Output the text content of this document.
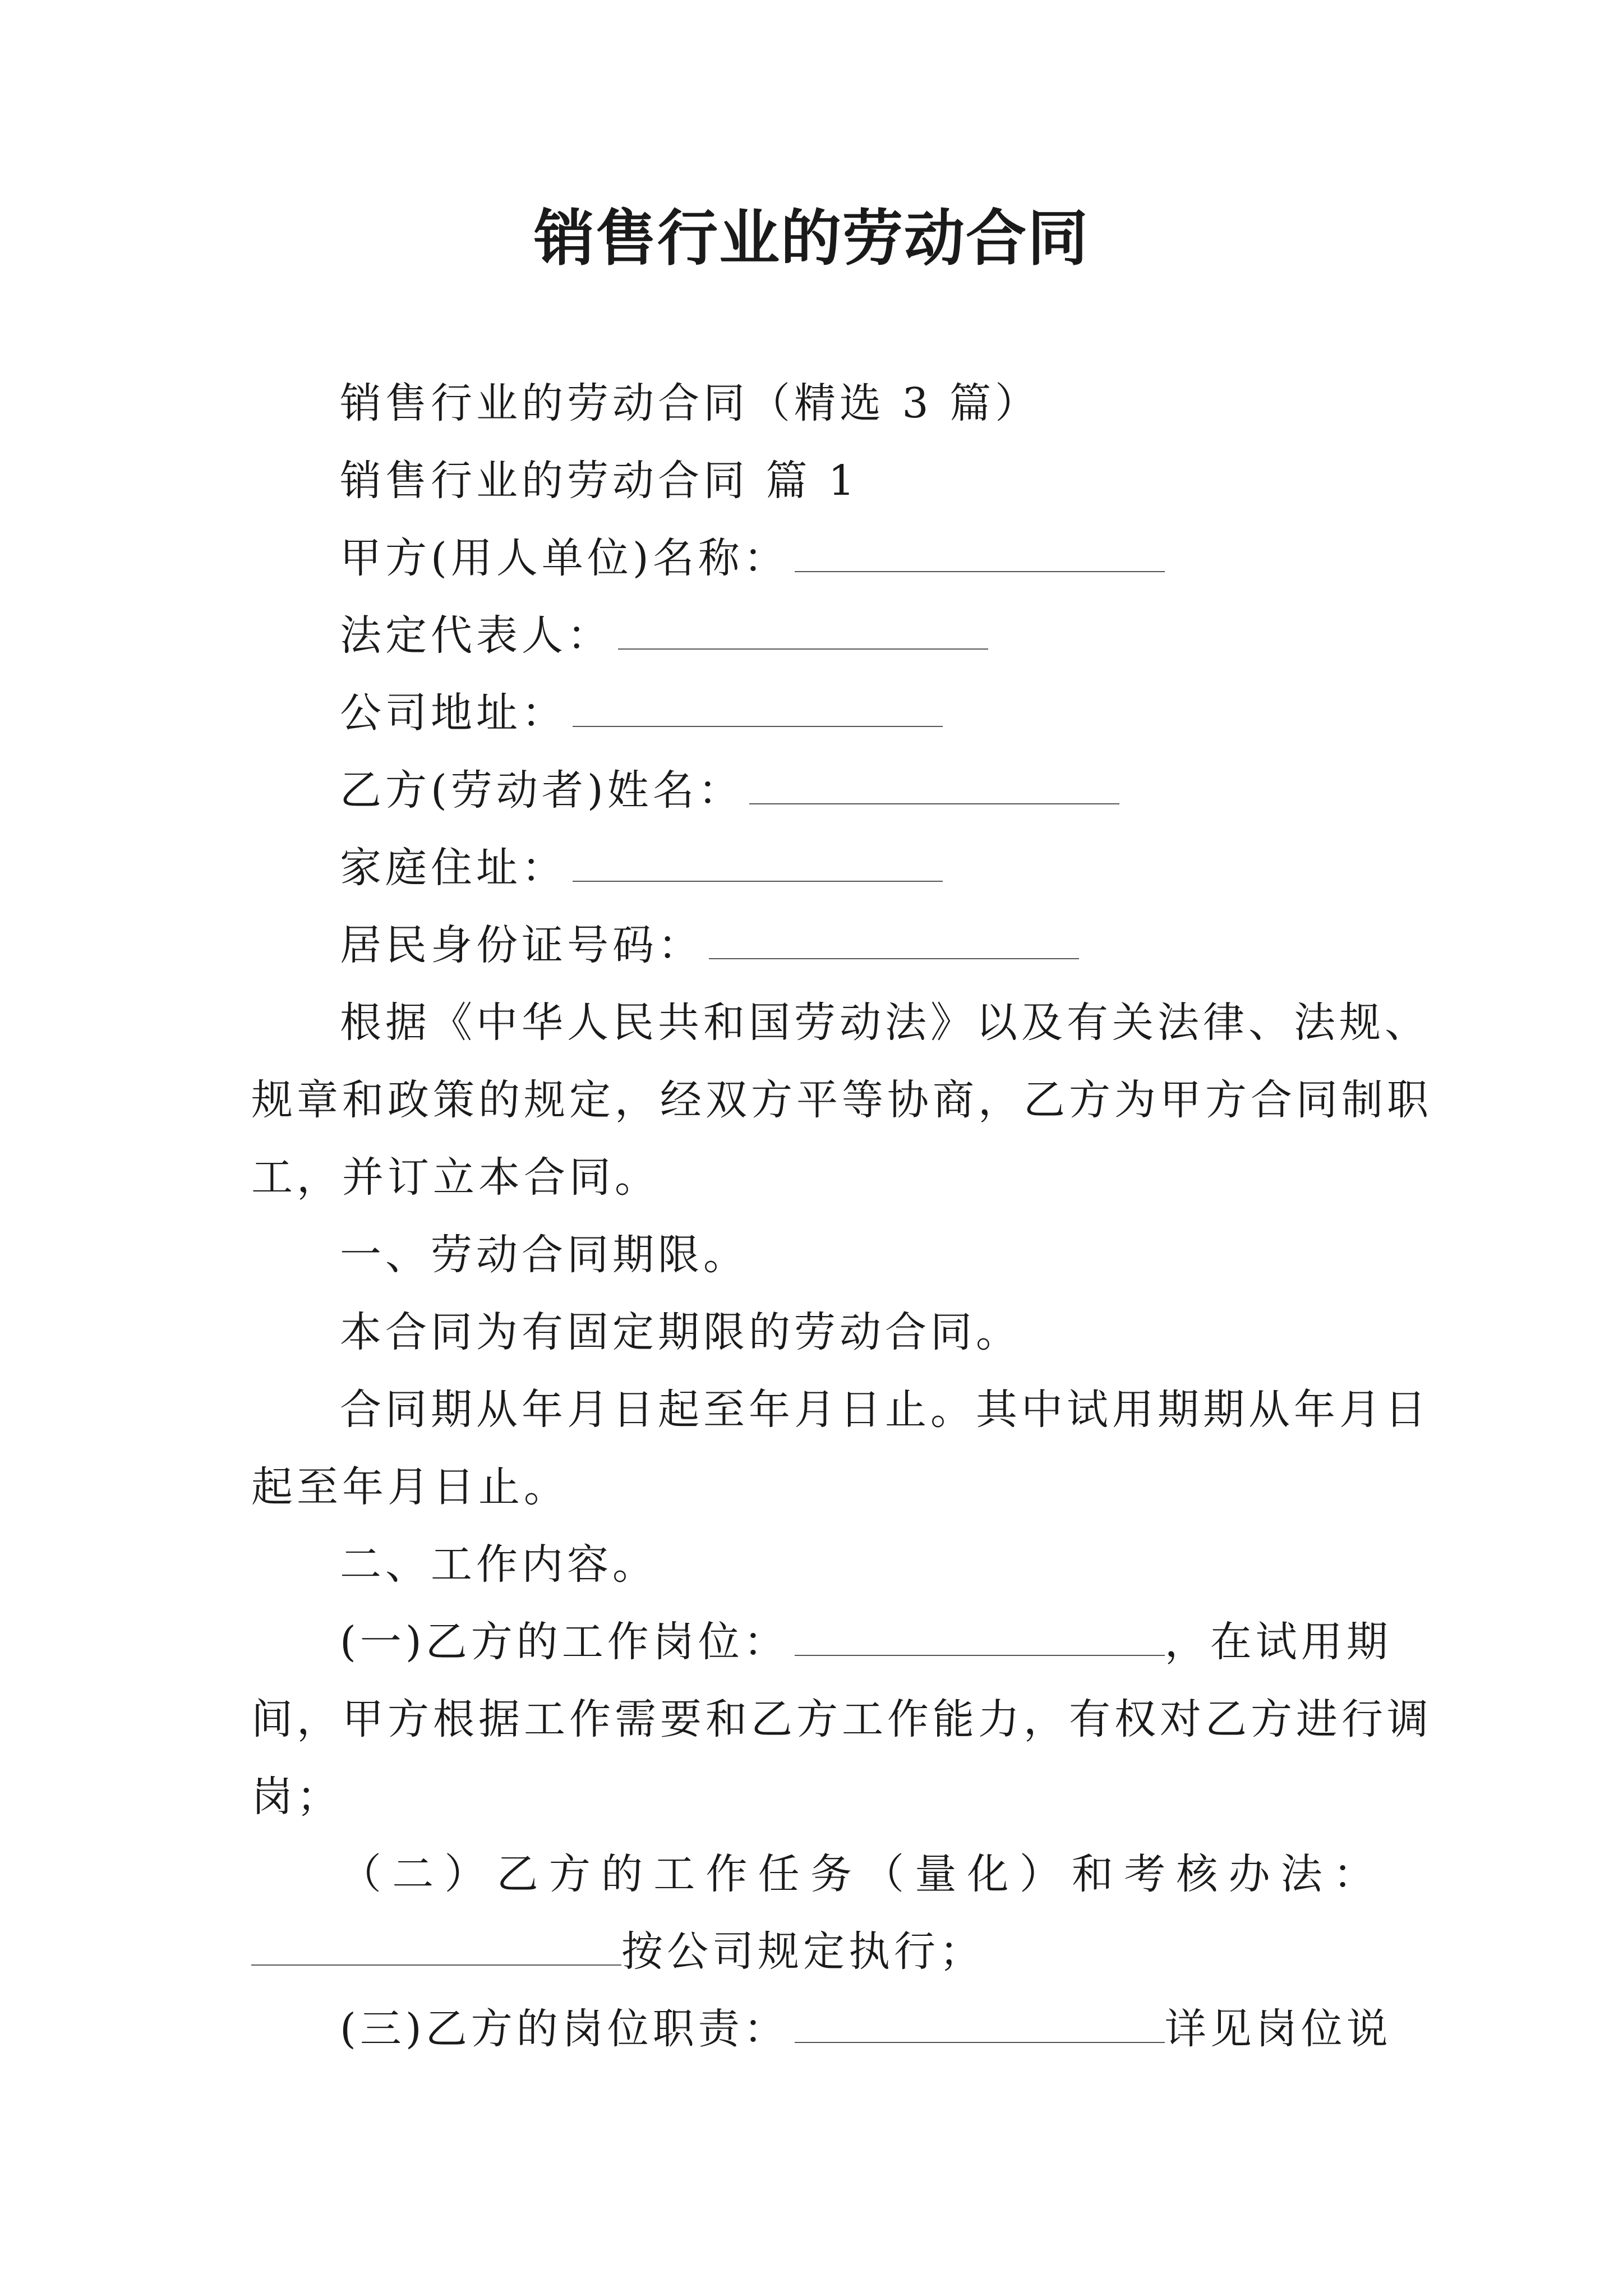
销售行业的劳动合同
销售行业的劳动合同（精选 3 篇）
销售行业的劳动合同 篇 1
甲方(用人单位)名称：
法定代表人：
公司地址：
乙方(劳动者)姓名：
家庭住址：
居民身份证号码：
根据《中华人民共和国劳动法》以及有关法律、法规、
规章和政策的规定，经双方平等协商，乙方为甲方合同制职
工，并订立本合同。
一、劳动合同期限。
本合同为有固定期限的劳动合同。
合同期从年月日起至年月日止。其中试用期期从年月日
起至年月日止。
二、工作内容。
(一)乙方的工作岗位：	，在试用期
间，甲方根据工作需要和乙方工作能力，有权对乙方进行调
岗；
（二）乙方的工作任务（量化）和考核办法：
按公司规定执行；
(三)乙方的岗位职责：	详见岗位说
